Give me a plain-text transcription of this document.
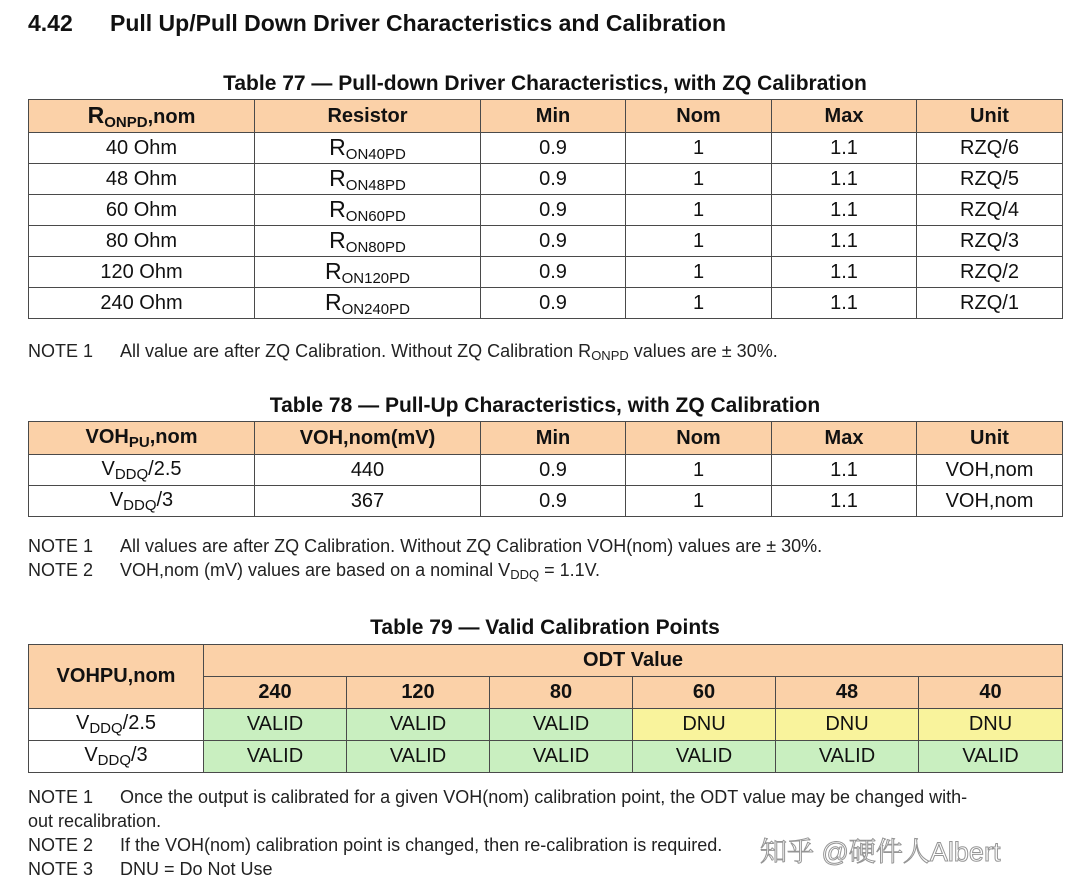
4.42 Pull Up/Pull Down Driver Characteristics and Calibration
Table 77 — Pull-down Driver Characteristics, with ZQ Calibration
$R_{ONPD},nom$	Resistor	Min	Nom	Max	Unit
40 Ohm	$R_{ON40PD}$	0.9	1	1.1	RZQ/6
48 Ohm	$R_{ON48PD}$	0.9	1	1.1	RZQ/5
60 Ohm	$R_{ON60PD}$	0.9	1	1.1	RZQ/4
80 Ohm	$R_{ON80PD}$	0.9	1	1.1	RZQ/3
120 Ohm	$R_{ON120PD}$	0.9	1	1.1	RZQ/2
240 Ohm	$R_{ON240PD}$	0.9	1	1.1	RZQ/1
NOTE 1 All value are after ZQ Calibration. Without ZQ Calibration $R_{ONPD}$ values are ± 30%.
Table 78 — Pull-Up Characteristics, with ZQ Calibration
$VOH_{PU},nom$	VOH,nom(mV)	Min	Nom	Max	Unit
$V_{DDQ}/2.5$	440	0.9	1	1.1	VOH,nom
$V_{DDQ}/3$	367	0.9	1	1.1	VOH,nom
NOTE 1 All values are after ZQ Calibration. Without ZQ Calibration VOH(nom) values are ± 30%.
NOTE 2 VOH,nom (mV) values are based on a nominal $V_{DDQ} = 1.1V$.
Table 79 — Valid Calibration Points
VOHPU,nom	ODT Value					
	240	120	80	60	48	40
$V_{DDQ}/2.5$	VALID	VALID	VALID	DNU	DNU	DNU
$V_{DDQ}/3$	VALID	VALID	VALID	VALID	VALID	VALID
NOTE 1 Once the output is calibrated for a given VOH(nom) calibration point, the ODT value may be changed with-
out recalibration.
NOTE 2 If the VOH(nom) calibration point is changed, then re-calibration is required.
NOTE 3 DNU = Do Not Use
知乎 @硬件人Albert
